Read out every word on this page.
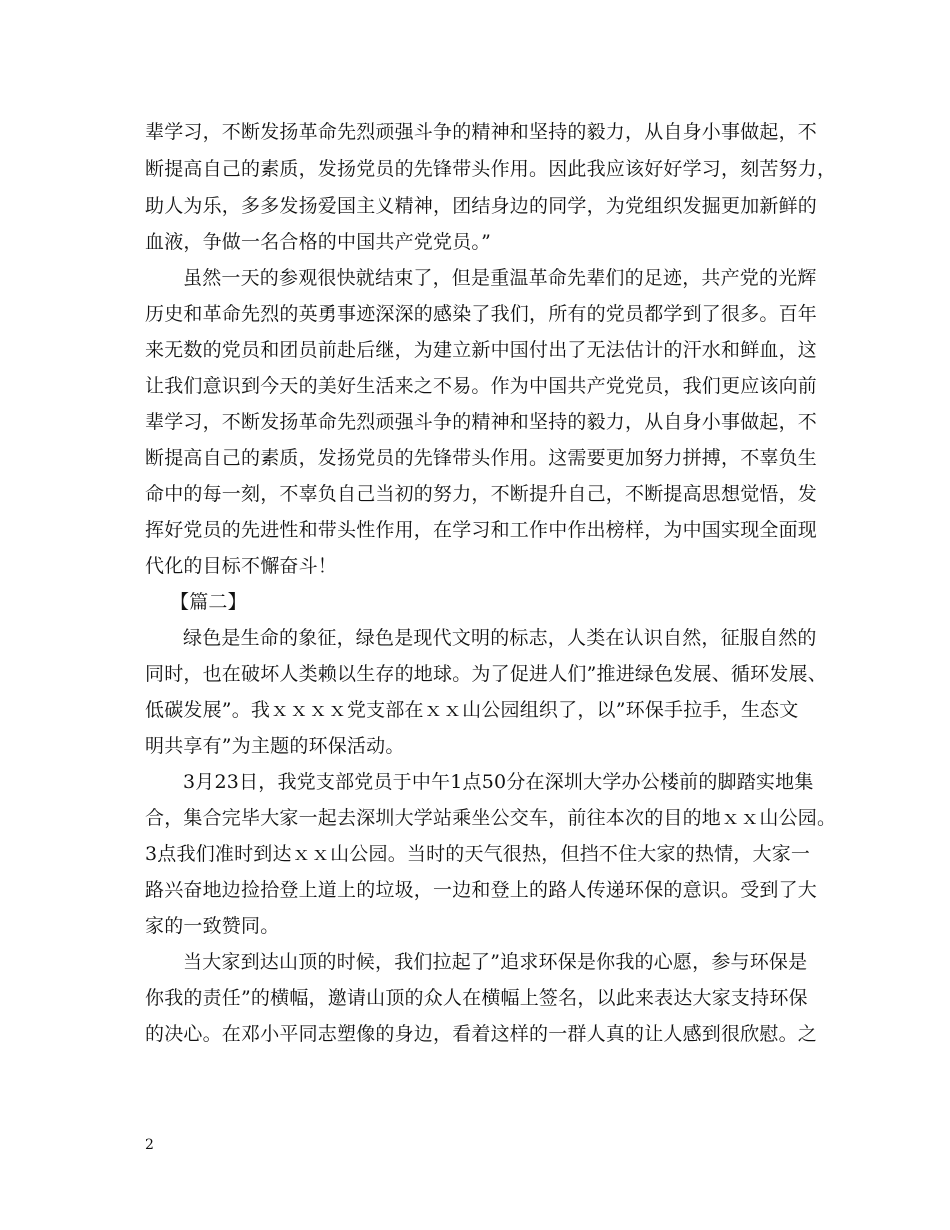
辈学习，不断发扬革命先烈顽强斗争的精神和坚持的毅力，从自身小事做起，不
断提高自己的素质，发扬党员的先锋带头作用。因此我应该好好学习，刻苦努力，
助人为乐，多多发扬爱国主义精神，团结身边的同学，为党组织发掘更加新鲜的
血液，争做一名合格的中国共产党党员。”
虽然一天的参观很快就结束了，但是重温革命先辈们的足迹，共产党的光辉
历史和革命先烈的英勇事迹深深的感染了我们，所有的党员都学到了很多。百年
来无数的党员和团员前赴后继，为建立新中国付出了无法估计的汗水和鲜血，这
让我们意识到今天的美好生活来之不易。作为中国共产党党员，我们更应该向前
辈学习，不断发扬革命先烈顽强斗争的精神和坚持的毅力，从自身小事做起，不
断提高自己的素质，发扬党员的先锋带头作用。这需要更加努力拼搏，不辜负生
命中的每一刻，不辜负自己当初的努力，不断提升自己，不断提高思想觉悟，发
挥好党员的先进性和带头性作用，在学习和工作中作出榜样，为中国实现全面现
代化的目标不懈奋斗！
【篇二】
绿色是生命的象征，绿色是现代文明的标志，人类在认识自然，征服自然的
同时，也在破坏人类赖以生存的地球。为了促进人们”推进绿色发展、循环发展、
低碳发展”。我ｘｘｘｘ党支部在ｘｘ山公园组织了，以”环保手拉手，生态文
明共享有”为主题的环保活动。
3月23日，我党支部党员于中午1点50分在深圳大学办公楼前的脚踏实地集
合，集合完毕大家一起去深圳大学站乘坐公交车，前往本次的目的地ｘｘ山公园。
3点我们准时到达ｘｘ山公园。当时的天气很热，但挡不住大家的热情，大家一
路兴奋地边捡拾登上道上的垃圾，一边和登上的路人传递环保的意识。受到了大
家的一致赞同。
当大家到达山顶的时候，我们拉起了”追求环保是你我的心愿，参与环保是
你我的责任”的横幅，邀请山顶的众人在横幅上签名，以此来表达大家支持环保
的决心。在邓小平同志塑像的身边，看着这样的一群人真的让人感到很欣慰。之
2
